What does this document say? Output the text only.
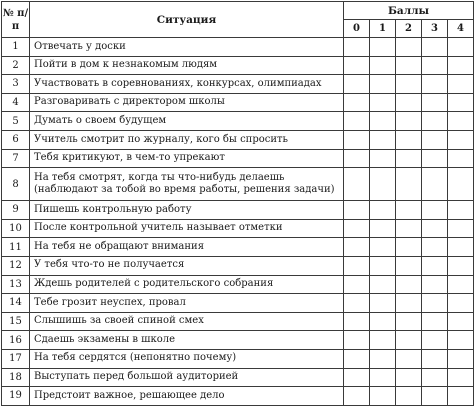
№ п/п	Ситуация	Баллы				
		0	1	2	3	4
1	Отвечать у доски					
2	Пойти в дом к незнакомым людям					
3	Участвовать в соревнованиях, конкурсах, олимпиадах					
4	Разговаривать с директором школы					
5	Думать о своем будущем					
6	Учитель смотрит по журналу, кого бы спросить					
7	Тебя критикуют, в чем-то упрекают					
8	На тебя смотрят, когда ты что-нибудь делаешь (наблюдают за тобой во время работы, решения задачи)					
9	Пишешь контрольную работу					
10	После контрольной учитель называет отметки					
11	На тебя не обращают внимания					
12	У тебя что-то не получается					
13	Ждешь родителей с родительского собрания					
14	Тебе грозит неуспех, провал					
15	Слышишь за своей спиной смех					
16	Сдаешь экзамены в школе					
17	На тебя сердятся (непонятно почему)					
18	Выступать перед большой аудиторией					
19	Предстоит важное, решающее дело					
